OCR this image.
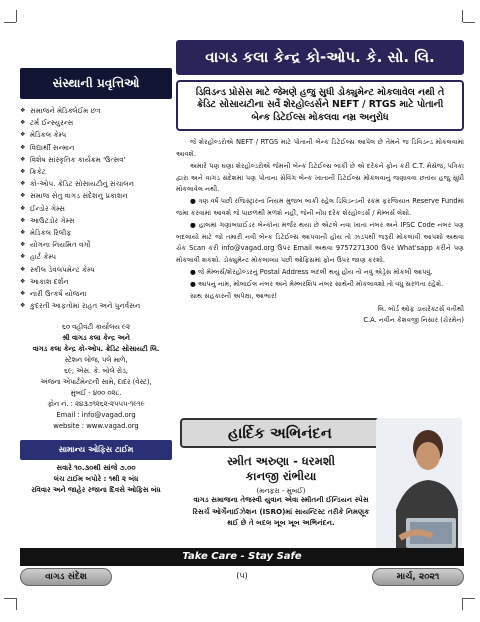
સંસ્થાની પ્રવૃત્તિઓ
❖ સમાજને મેડિક્લેઈમ છત્ર
❖ ટર્મ ઈન્સ્યુરન્સ
❖ મેડિકલ કેમ્પ
❖ વિદ્યાર્થી સન્માન
❖ વિશેષ સાંસ્કૃતિક કાર્યક્રમ 'ઉત્સવ'
❖ ક્રિકેટ
❖ કો-ઓપ. ક્રેડિટ સોસાયટીનું સંચાલન
❖ સમાજ સેતુ વાગડ સંદેશનું પ્રકાશન
❖ ઈન્ડોર ગેમ્સ
❖ આઉટડોર ગેમ્સ
❖ મેડિકલ રિલીફ
❖ યોગના નિયમિત વર્ગો
❖ હાર્ટ કેમ્પ
❖ સ્કીલ ડેવલપમેન્ટ કેમ્પ
❖ આકાશ દર્શન
❖ નારી ઉત્કર્ષ યોજના
❖ કુદરતી આફતોમાં રાહત અને પુનર્વસન
૬૦ વહીવટી કાર્યાલય ૯૨
શ્રી વાગડ કલા કેન્દ્ર અને
વાગડ કલા કેન્દ્ર કો-ઓપ. ક્રેડિટ સોસાયટી લિ.
સ્ટેશન લોજ, ૫લે માળે,
૬૯, એસ. કે. બોલે રોડ,
અંજના એપાર્ટમેન્ટની સામે, દાદર (વેસ્ટ),
મુંબઈ - ૪૦૦ ૦૨૮.
ફોન નં. : ૨૪૩૭૧૨૬૨-૨૫૫૫-૧૯૧૯
Email : info@vagad.org
website : www.vagad.org
સામાન્ય ઓફિસ ટાઈમ
સવારે ૧૦.૩૦થી સાંજે ૭.૦૦
લંચ ટાઈમ બપોરે : ૧થી ૨ બંધ
રવિવાર અને જાહેર રજાના દિવસે ઓફિસ બંધ
વાગડ કલા કેન્દ્ર કો-ઓપ. કે. સો. લિ.
ડિવિડન્ડ પ્રોસેસ માટે જેમણે હજુ સુધી ડોક્યુમેન્ટ મોકલાવેલ નથી તે ક્રેડિટ સોસાયટીના સર્વે શેરહોલ્ડર્સને NEFT / RTGS માટે પોતાની બેન્ક ડિટેઈલ્સ મોકલવા નમ્ર અનુરોધ

જે શેરહોલ્ડરોએ NEFT / RTGS માટે પોતાની બેન્ક ડિટેઈલ્સ આપેલ છે તેમને જ ડિવિડન્ડ મોકલવામાં આવશે.

અમારે પણ ઘણા શેરહોલ્ડરોએ જેમની બેન્ક ડિટેઈલ્સ બાકી છે એ દરેકને ફોન કરી C.T. મેસેજ, પત્રિકા દ્વારા અને વાગડ સંદેશમાં પણ પોતાના સેવિંગ બેન્ક ખાતાની ડિટેઈલ્સ મોકલવાનું જણાવવા છતાંય હજુ સુધી મોકલાવેલ નથી.

● ત્રણ વર્ષ પછી રજિસ્ટ્રારના નિયમ મુજબ બાકી રહેલ ડિવિડન્ડની રકમ ફરજિયાત Reserve Fundમાં જમા કરવામાં આવશે જે પાછળથી મળશે નહીં, જેની નોંધ દરેક શેરહોલ્ડર્સ / મેમ્બર્સ લેશો.

● હાલમાં ગણાબધાઈડર બેન્કોના મર્જર થયા છે એટલે નવા ખાતા નંબર અને IFSC Code નંબર પણ બદલાયો માટે જો તમારી નવી બેન્ક ડિટેઈલ્સ આપવાની હોય તો ઝડપથી જરૂરી મોકલાવી આપશો અથવા ચેક Scan કરી info@vagad.org ઉપર Email અથવા 9757271300 ઉપર What'sapp કરીને પણ મોકલાવી શકશો. ડોક્યુમેન્ટ મોકલાવ્યા પછી ઓફિસમાં ફોન ઉપર જાણ કરશો.

● જે મેમ્બર્સ/શેરહોલ્ડરનું Postal Address બદલી થયું હોય તો નવું એડ્રેસ મોકલી આપવું.

● આપનું નામ, મોબાઈલ નંબર અને મેમ્બરશિપ નંબર સાથેની મોકલાવશો તો વધુ સરળતા રહેશે.

સાથ સહકારની અપેક્ષા, આભાર!

લિ. બોર્ડ ઓફ ડાયરેક્ટર્સ વતીથી
C.A. નવીન કેશવજી નિસાર (ચેરમેન)
હાર્દિક અભિનંદન
સ્મીત અરુણા - ધરમશી
કાનજી રાંભીયા
(મનફરા - મુંબઈ)
વાગડ સમાજના તેજસ્વી યુવાન એવા સ્મીતની ઈન્ડિયન સ્પેસ રિસર્ચ ઓર્ગેનાઈઝેશન (ISRO)માં સાયન્ટિસ્ટ તરીકે નિમણૂક થઈ છે તે બદલ ખૂબ ખૂબ અભિનંદન.
Take Care - Stay Safe
વાગડ સંદેશ	(૫)	માર્ચ, ૨૦૨૧
